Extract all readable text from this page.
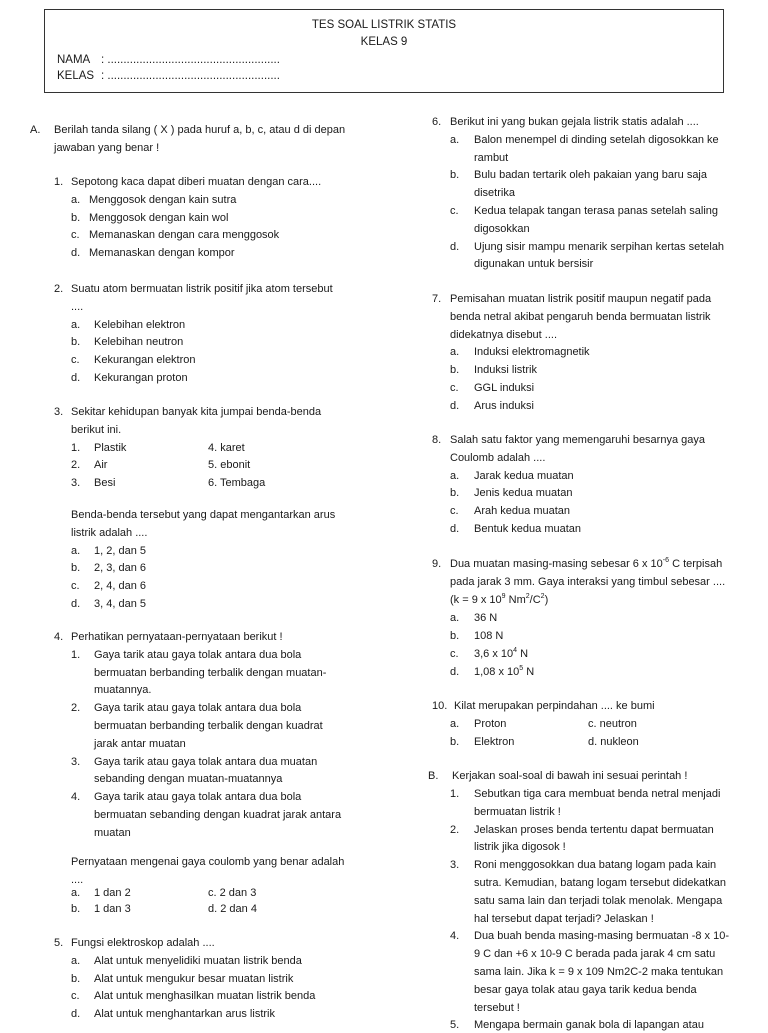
TES SOAL LISTRIK STATIS
KELAS 9
NAMA : ......................................................
KELAS : ......................................................
A. Berilah tanda silang ( X ) pada huruf a, b, c, atau d di depan
jawaban yang benar !
1. Sepotong kaca dapat diberi muatan dengan cara....
a. Menggosok dengan kain sutra
b. Menggosok dengan kain wol
c. Memanaskan dengan cara menggosok
d. Memanaskan dengan kompor
2. Suatu atom bermuatan listrik positif jika atom tersebut
....
a. Kelebihan elektron
b. Kelebihan neutron
c. Kekurangan elektron
d. Kekurangan proton
3. Sekitar kehidupan banyak kita jumpai benda-benda
berikut ini.
1. Plastik	4. karet
2. Air	5. ebonit
3. Besi	6. Tembaga
Benda-benda tersebut yang dapat mengantarkan arus
listrik adalah ....
a. 1, 2, dan 5
b. 2, 3, dan 6
c. 2, 4, dan 6
d. 3, 4, dan 5
4. Perhatikan pernyataan-pernyataan berikut !
1. Gaya tarik atau gaya tolak antara dua bola
bermuatan berbanding terbalik dengan muatan-
muatannya.
2. Gaya tarik atau gaya tolak antara dua bola
bermuatan berbanding terbalik dengan kuadrat
jarak antar muatan
3. Gaya tarik atau gaya tolak antara dua muatan
sebanding dengan muatan-muatannya
4. Gaya tarik atau gaya tolak antara dua bola
bermuatan sebanding dengan kuadrat jarak antara
muatan
Pernyataan mengenai gaya coulomb yang benar adalah
....
a. 1 dan 2	c. 2 dan 3
b. 1 dan 3	d. 2 dan 4
5. Fungsi elektroskop adalah ....
a. Alat untuk menyelidiki muatan listrik benda
b. Alat untuk mengukur besar muatan listrik
c. Alat untuk menghasilkan muatan listrik benda
d. Alat untuk menghantarkan arus listrik
6. Berikut ini yang bukan gejala listrik statis adalah ....
a. Balon menempel di dinding setelah digosokkan ke
rambut
b. Bulu badan tertarik oleh pakaian yang baru saja
disetrika
c. Kedua telapak tangan terasa panas setelah saling
digosokkan
d. Ujung sisir mampu menarik serpihan kertas setelah
digunakan untuk bersisir
7. Pemisahan muatan listrik positif maupun negatif pada
benda netral akibat pengaruh benda bermuatan listrik
didekatnya disebut ....
a. Induksi elektromagnetik
b. Induksi listrik
c. GGL induksi
d. Arus induksi
8. Salah satu faktor yang memengaruhi besarnya gaya
Coulomb adalah ....
a. Jarak kedua muatan
b. Jenis kedua muatan
c. Arah kedua muatan
d. Bentuk kedua muatan
9. Dua muatan masing-masing sebesar 6 x $10^{-6}$ C terpisah
pada jarak 3 mm. Gaya interaksi yang timbul sebesar ....
(k = 9 x $10^9$ $Nm^2/C^2$)
a. 36 N
b. 108 N
c. 3,6 x $10^4$ N
d. 1,08 x $10^5$ N
10. Kilat merupakan perpindahan .... ke bumi
a. Proton	c. neutron
b. Elektron	d. nukleon
B. Kerjakan soal-soal di bawah ini sesuai perintah !
1. Sebutkan tiga cara membuat benda netral menjadi
bermuatan listrik !
2. Jelaskan proses benda tertentu dapat bermuatan
listrik jika digosok !
3. Roni menggosokkan dua batang logam pada kain
sutra. Kemudian, batang logam tersebut didekatkan
satu sama lain dan terjadi tolak menolak. Mengapa
hal tersebut dapat terjadi? Jelaskan !
4. Dua buah benda masing-masing bermuatan -8 x 10-
9 C dan +6 x 10-9 C berada pada jarak 4 cm satu
sama lain. Jika k = 9 x 109 Nm2C-2 maka tentukan
besar gaya tolak atau gaya tarik kedua benda
tersebut !
5. Mengapa bermain ganak bola di lapangan atau
